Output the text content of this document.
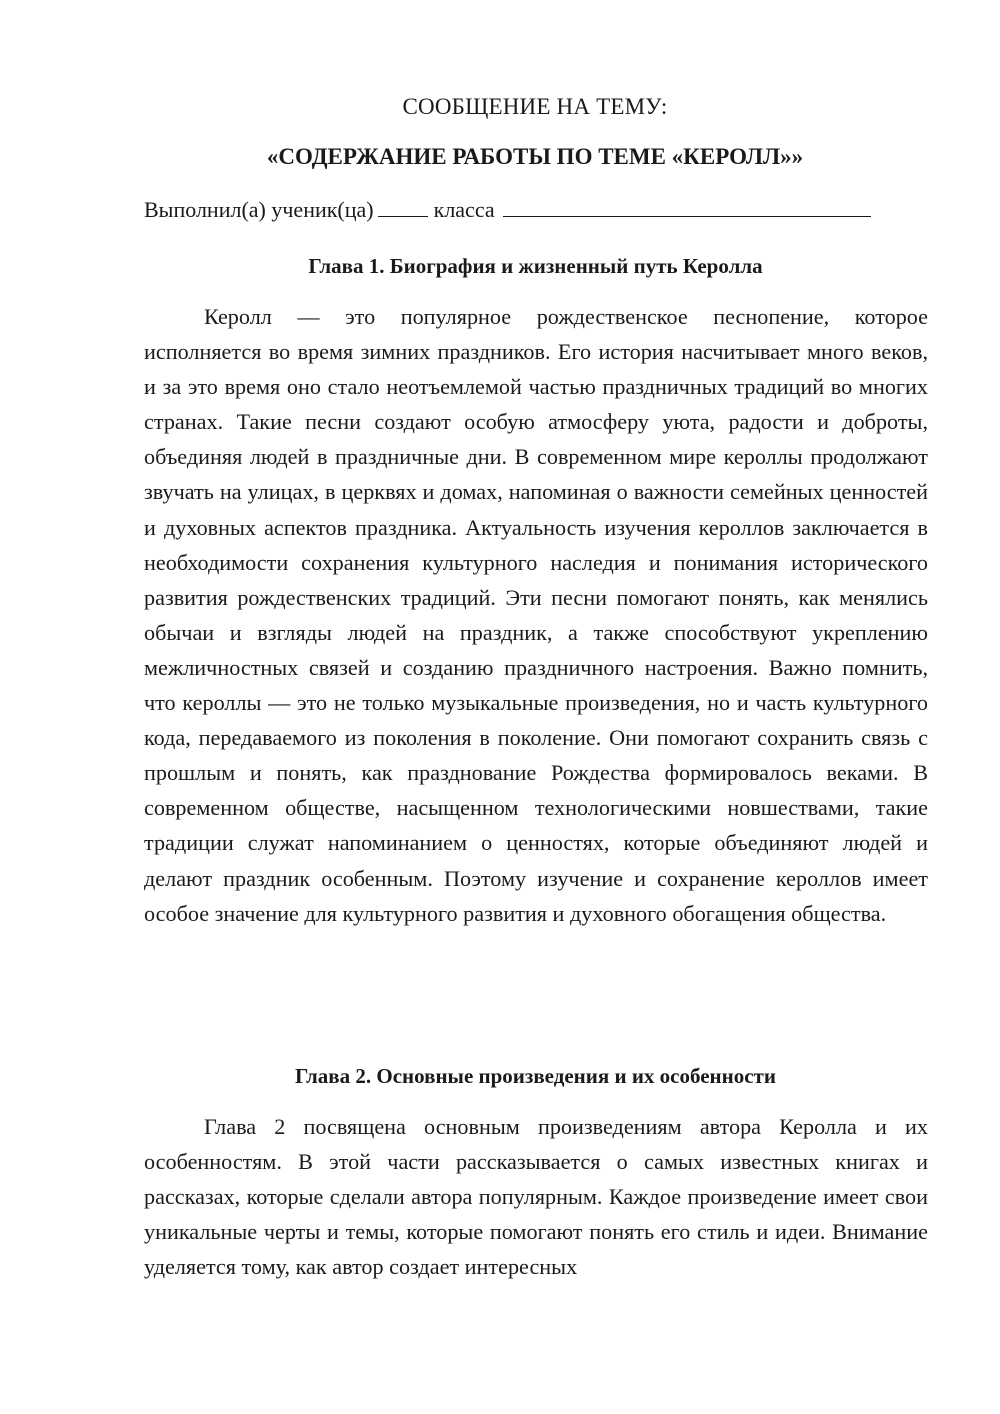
СООБЩЕНИЕ НА ТЕМУ:
«СОДЕРЖАНИЕ РАБОТЫ ПО ТЕМЕ «КЕРОЛЛ»»
Выполнил(а) ученик(ца)	класса
Глава 1. Биография и жизненный путь Керолла

Керолл — это популярное рождественское песнопение, которое исполняется во время зимних праздников. Его история насчитывает много веков, и за это время оно стало неотъемлемой частью праздничных традиций во многих странах. Такие песни создают особую атмосферу уюта, радости и доброты, объединяя людей в праздничные дни. В современном мире кероллы продолжают звучать на улицах, в церквях и домах, напоминая о важности семейных ценностей и духовных аспектов праздника. Актуальность изучения кероллов заключается в необходимости сохранения культурного наследия и понимания исторического развития рождественских традиций. Эти песни помогают понять, как менялись обычаи и взгляды людей на праздник, а также способствуют укреплению межличностных связей и созданию праздничного настроения. Важно помнить, что кероллы — это не только музыкальные произведения, но и часть культурного кода, передаваемого из поколения в поколение. Они помогают сохранить связь с прошлым и понять, как празднование Рождества формировалось веками. В современном обществе, насыщенном технологическими новшествами, такие традиции служат напоминанием о ценностях, которые объединяют людей и делают праздник особенным. Поэтому изучение и сохранение кероллов имеет особое значение для культурного развития и духовного обогащения общества.

Глава 2. Основные произведения и их особенности

Глава 2 посвящена основным произведениям автора Керолла и их особенностям. В этой части рассказывается о самых известных книгах и рассказах, которые сделали автора популярным. Каждое произведение имеет свои уникальные черты и темы, которые помогают понять его стиль и идеи. Внимание уделяется тому, как автор создает интересных
